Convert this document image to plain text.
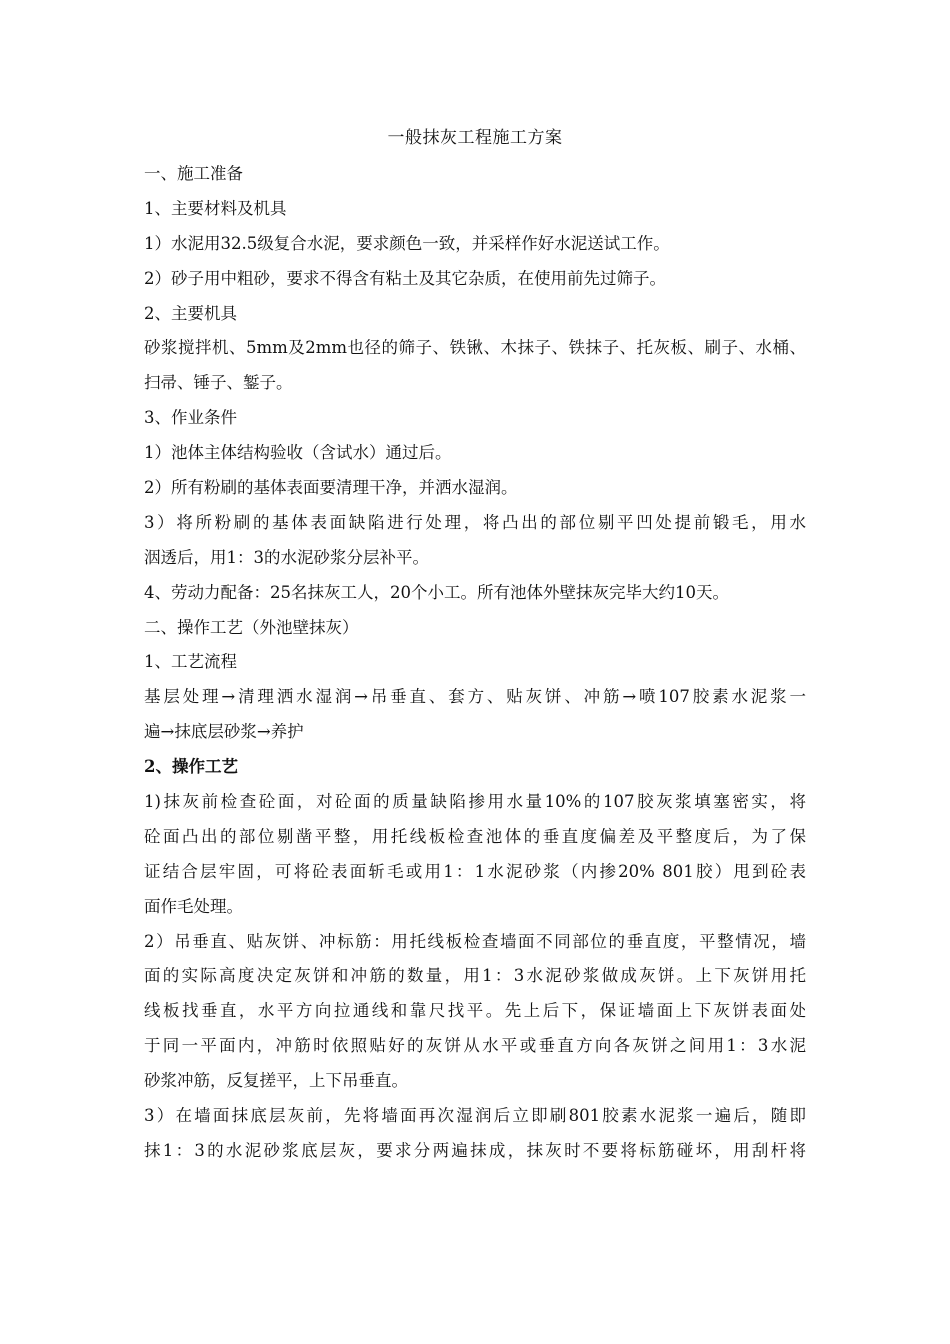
一般抹灰工程施工方案
一、施工准备
1、主要材料及机具
1）水泥用32.5级复合水泥，要求颜色一致，并采样作好水泥送试工作。
2）砂子用中粗砂，要求不得含有粘土及其它杂质，在使用前先过筛子。
2、主要机具
砂浆搅拌机、5mm及2mm也径的筛子、铁锹、木抹子、铁抹子、托灰板、刷子、水桶、
扫帚、锤子、錾子。
3、作业条件
1）池体主体结构验收（含试水）通过后。
2）所有粉刷的基体表面要清理干净，并洒水湿润。
3）将所粉刷的基体表面缺陷进行处理，将凸出的部位剔平凹处提前锻毛，用水
洇透后，用1：3的水泥砂浆分层补平。
4、劳动力配备：25名抹灰工人，20个小工。所有池体外壁抹灰完毕大约10天。
二、操作工艺（外池壁抹灰）
1、工艺流程
基层处理→清理洒水湿润→吊垂直、套方、贴灰饼、冲筋→喷107胶素水泥浆一
遍→抹底层砂浆→养护
2、操作工艺
1)抹灰前检查砼面，对砼面的质量缺陷掺用水量10%的107胶灰浆填塞密实，将
砼面凸出的部位剔凿平整，用托线板检查池体的垂直度偏差及平整度后，为了保
证结合层牢固，可将砼表面斩毛或用1：1水泥砂浆（内掺20% 801胶）甩到砼表
面作毛处理。
2）吊垂直、贴灰饼、冲标筋：用托线板检查墙面不同部位的垂直度，平整情况，墙
面的实际高度决定灰饼和冲筋的数量，用1：3水泥砂浆做成灰饼。上下灰饼用托
线板找垂直，水平方向拉通线和靠尺找平。先上后下，保证墙面上下灰饼表面处
于同一平面内，冲筋时依照贴好的灰饼从水平或垂直方向各灰饼之间用1：3水泥
砂浆冲筋，反复搓平，上下吊垂直。
3）在墙面抹底层灰前，先将墙面再次湿润后立即刷801胶素水泥浆一遍后，随即
抹1：3的水泥砂浆底层灰，要求分两遍抹成，抹灰时不要将标筋碰坏，用刮杆将
